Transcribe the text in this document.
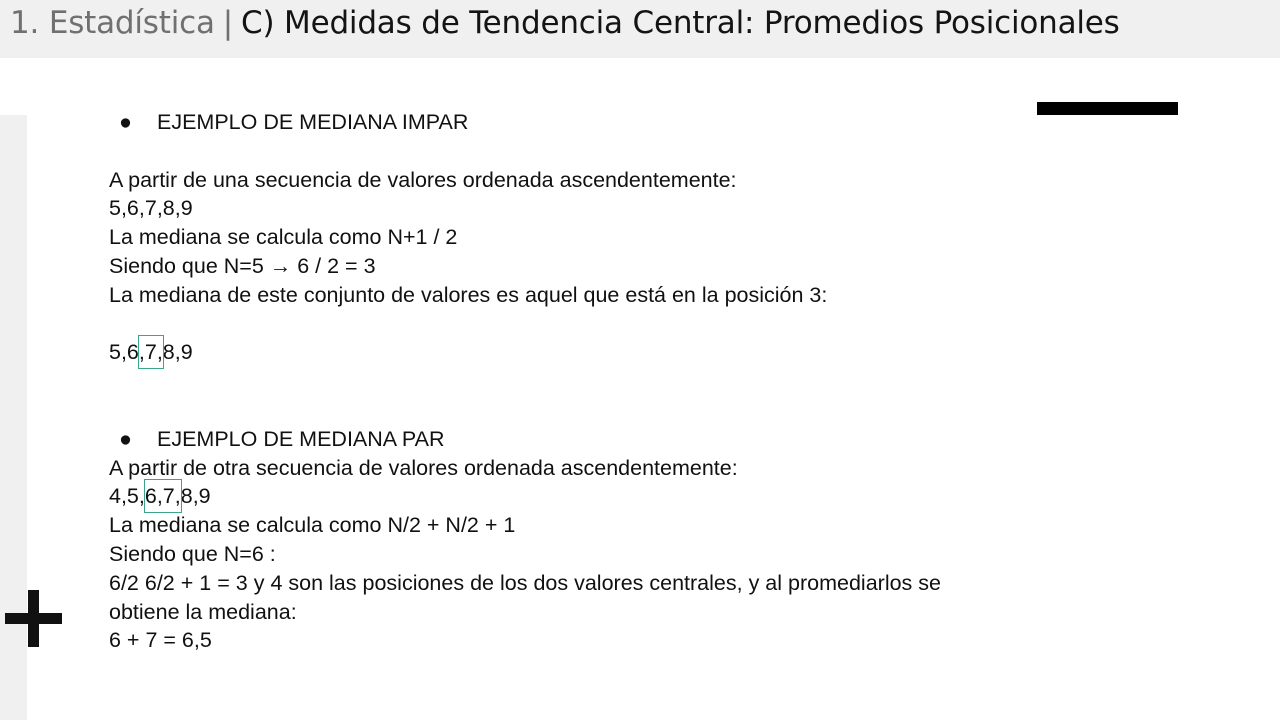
1. Estadística | C) Medidas de Tendencia Central: Promedios Posicionales
● EJEMPLO DE MEDIANA IMPAR
A partir de una secuencia de valores ordenada ascendentemente:
5,6,7,8,9
La mediana se calcula como N+1 / 2
Siendo que N=5 → 6 / 2 = 3
La mediana de este conjunto de valores es aquel que está en la posición 3:
5,6,7,8,9
● EJEMPLO DE MEDIANA PAR
A partir de otra secuencia de valores ordenada ascendentemente:
4,5,6,7,8,9
La mediana se calcula como N/2 + N/2 + 1
Siendo que N=6 :
6/2 6/2 + 1 = 3 y 4 son las posiciones de los dos valores centrales, y al promediarlos se obtiene la mediana:
6 + 7 = 6,5
